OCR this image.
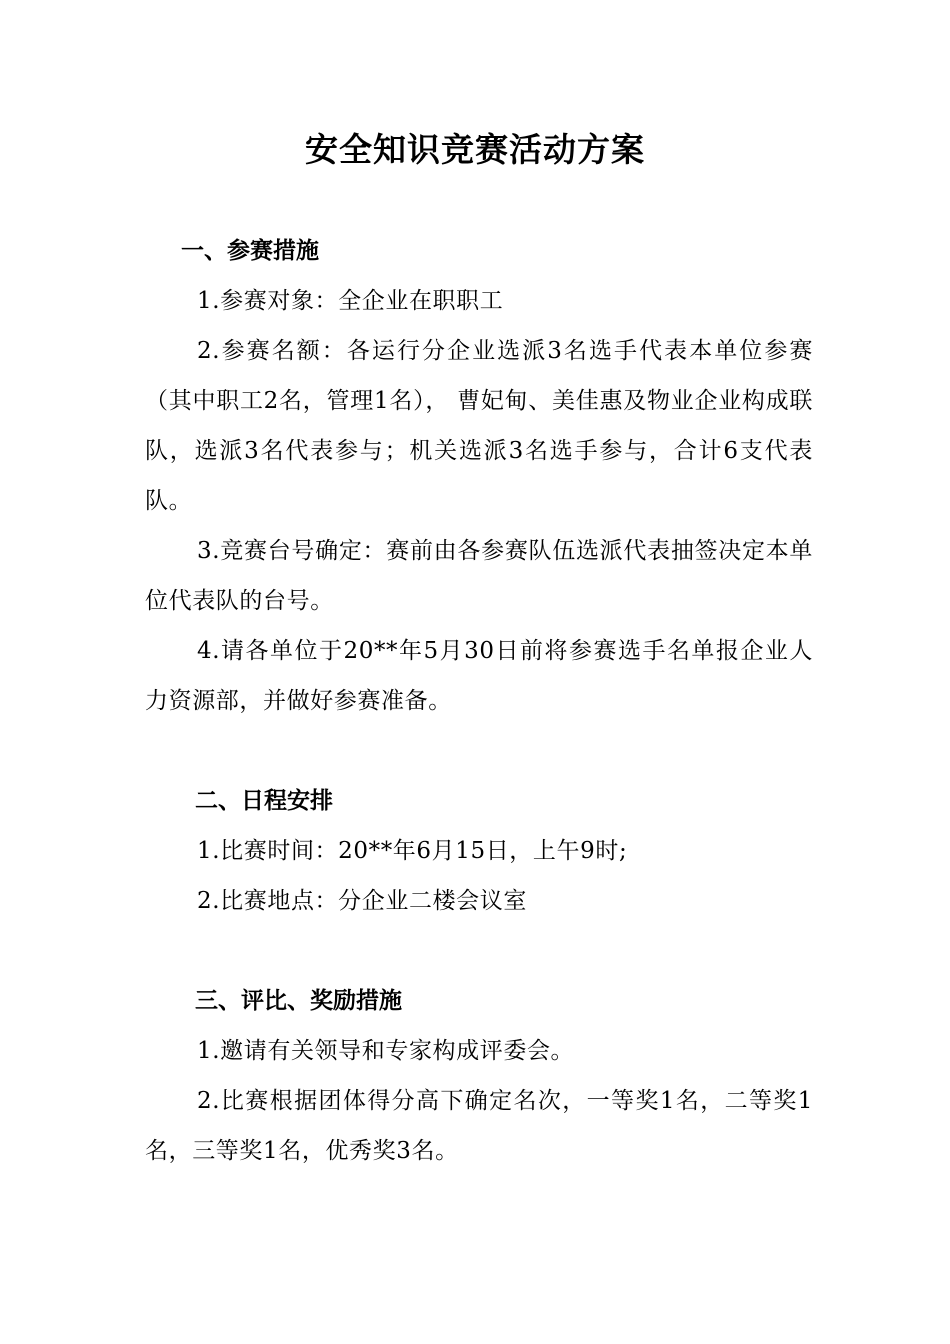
安全知识竞赛活动方案
一、参赛措施

1.参赛对象：全企业在职职工

2.参赛名额：各运行分企业选派3名选手代表本单位参赛（其中职工2名，管理1名）， 曹妃甸、美佳惠及物业企业构成联队，选派3名代表参与；机关选派3名选手参与，合计6支代表队。

3.竞赛台号确定：赛前由各参赛队伍选派代表抽签决定本单位代表队的台号。

4.请各单位于20**年5月30日前将参赛选手名单报企业人力资源部，并做好参赛准备。

二、日程安排

1.比赛时间：20**年6月15日，上午9时;

2.比赛地点：分企业二楼会议室

三、评比、奖励措施

1.邀请有关领导和专家构成评委会。

2.比赛根据团体得分高下确定名次，一等奖1名，二等奖1名，三等奖1名，优秀奖3名。
